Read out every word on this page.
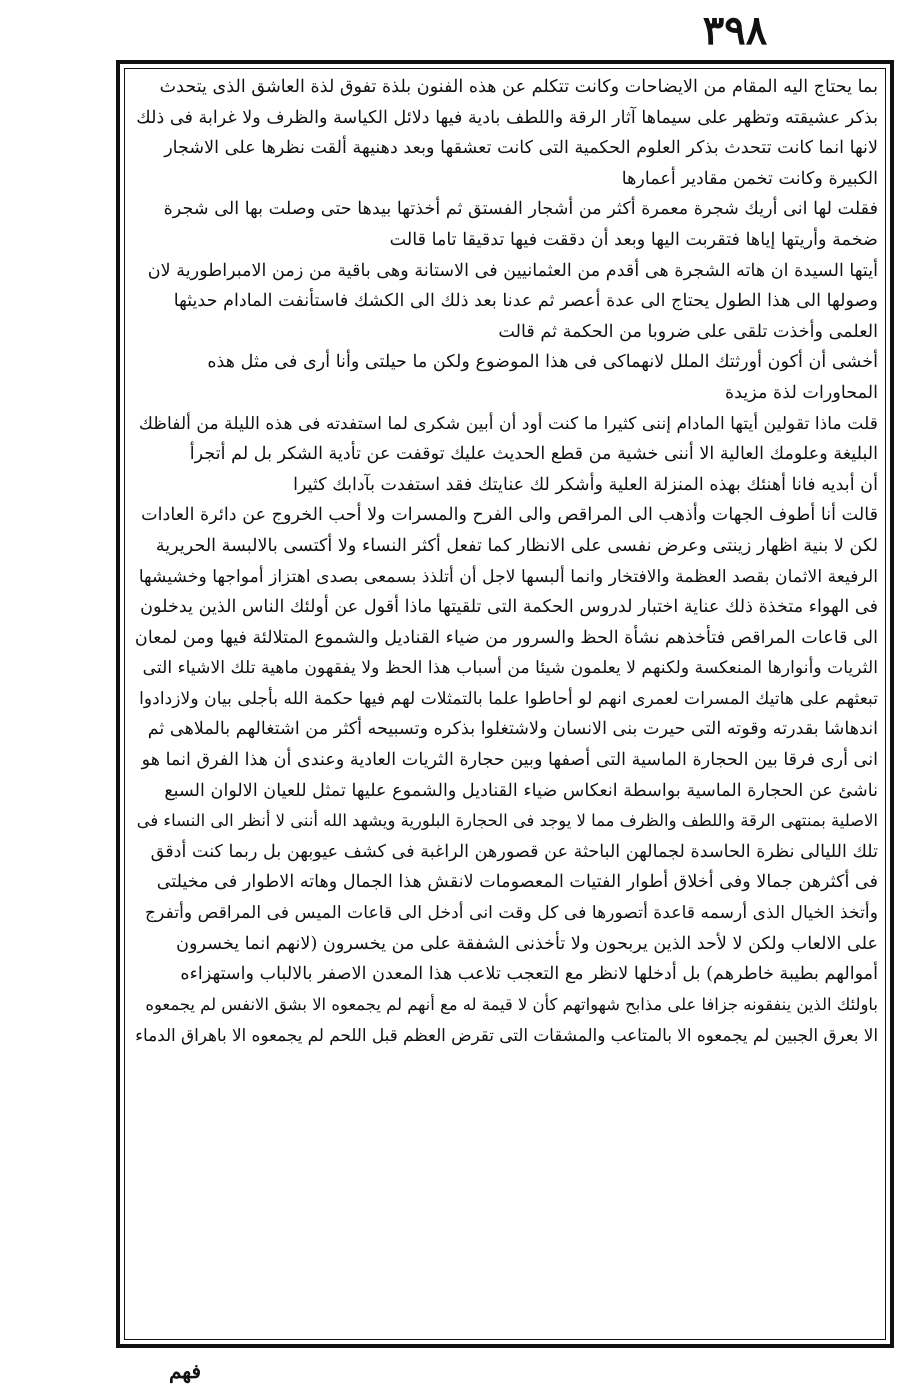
٣٩٨
بما يحتاج اليه المقام من الايضاحات وكانت تتكلم عن هذه الفنون بلذة تفوق لذة العاشق الذى يتحدث
بذكر عشيقته وتظهر على سيماها آثار الرقة واللطف بادية فيها دلائل الكياسة والظرف ولا غرابة فى ذلك
لانها انما كانت تتحدث بذكر العلوم الحكمية التى كانت تعشقها وبعد دهنيهة ألقت نظرها على الاشجار
الكبيرة وكانت تخمن مقادير أعمارها
فقلت لها انى أريك شجرة معمرة أكثر من أشجار الفستق ثم أخذتها بيدها حتى وصلت بها الى شجرة
ضخمة وأريتها إياها فتقربت اليها وبعد أن دققت فيها تدقيقا تاما قالت
أيتها السيدة ان هاته الشجرة هى أقدم من العثمانيين فى الاستانة وهى باقية من زمن الامبراطورية لان
وصولها الى هذا الطول يحتاج الى عدة أعصر ثم عدنا بعد ذلك الى الكشك فاستأنفت المادام حديثها
العلمى وأخذت تلقى على ضروبا من الحكمة ثم قالت
أخشى أن أكون أورثتك الملل لانهماكى فى هذا الموضوع ولكن ما حيلتى وأنا أرى فى مثل هذه
المحاورات لذة مزيدة
قلت ماذا تقولين أيتها المادام إننى كثيرا ما كنت أود أن أبين شكرى لما استفدته فى هذه الليلة من ألفاظك
البليغة وعلومك العالية الا أننى خشية من قطع الحديث عليك توقفت عن تأدية الشكر بل لم أتجرأ
أن أبديه فانا أهنئك بهذه المنزلة العلية وأشكر لك عنايتك فقد استفدت بآدابك كثيرا
قالت أنا أطوف الجهات وأذهب الى المراقص والى الفرح والمسرات ولا أحب الخروج عن دائرة العادات
لكن لا بنية اظهار زينتى وعرض نفسى على الانظار كما تفعل أكثر النساء ولا أكتسى بالالبسة الحريرية
الرفيعة الاثمان بقصد العظمة والافتخار وانما ألبسها لاجل أن أتلذذ بسمعى بصدى اهتزاز أمواجها وخشيشها
فى الهواء متخذة ذلك عناية اختبار لدروس الحكمة التى تلقيتها ماذا أقول عن أولئك الناس الذين يدخلون
الى قاعات المراقص فتأخذهم نشأة الحظ والسرور من ضياء القناديل والشموع المتلالئة فيها ومن لمعان
الثريات وأنوارها المنعكسة ولكنهم لا يعلمون شيئا من أسباب هذا الحظ ولا يفقهون ماهية تلك الاشياء التى
تبعثهم على هاتيك المسرات لعمرى انهم لو أحاطوا علما بالتمثلات لهم فيها حكمة الله بأجلى بيان ولازدادوا
اندهاشا بقدرته وقوته التى حيرت بنى الانسان ولاشتغلوا بذكره وتسبيحه أكثر من اشتغالهم بالملاهى ثم
انى أرى فرقا بين الحجارة الماسية التى أصفها وبين حجارة الثريات العادية وعندى أن هذا الفرق انما هو
ناشئ عن الحجارة الماسية بواسطة انعكاس ضياء القناديل والشموع عليها تمثل للعيان الالوان السبع
الاصلية بمنتهى الرقة واللطف والظرف مما لا يوجد فى الحجارة البلورية ويشهد الله أننى لا أنظر الى النساء فى
تلك الليالى نظرة الحاسدة لجمالهن الباحثة عن قصورهن الراغبة فى كشف عيوبهن بل ربما كنت أدقق
فى أكثرهن جمالا وفى أخلاق أطوار الفتيات المعصومات لانقش هذا الجمال وهاته الاطوار فى مخيلتى
وأتخذ الخيال الذى أرسمه قاعدة أتصورها فى كل وقت انى أدخل الى قاعات الميس فى المراقص وأتفرج
على الالعاب ولكن لا لأحد الذين يربحون ولا تأخذنى الشفقة على من يخسرون (لانهم انما يخسرون
أموالهم بطيبة خاطرهم) بل أدخلها لانظر مع التعجب تلاعب هذا المعدن الاصفر بالالباب واستهزاءه
باولئك الذين ينفقونه جزافا على مذابح شهواتهم كأن لا قيمة له مع أنهم لم يجمعوه الا بشق الانفس لم يجمعوه
الا بعرق الجبين لم يجمعوه الا بالمتاعب والمشقات التى تقرض العظم قبل اللحم لم يجمعوه الا باهراق الدماء
فهم
